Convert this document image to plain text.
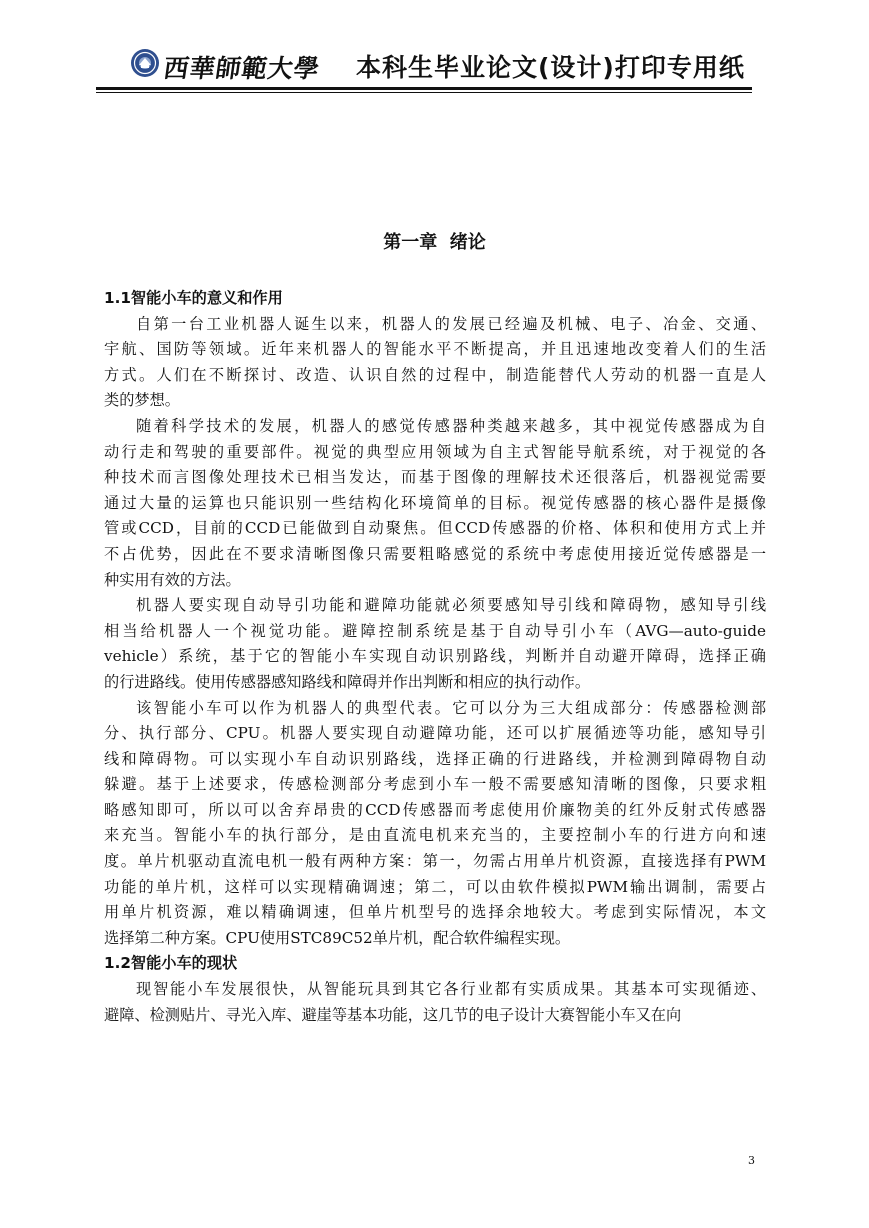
西華師範大學 本科生毕业论文(设计)打印专用纸
第一章  绪论
1.1智能小车的意义和作用
自第一台工业机器人诞生以来，机器人的发展已经遍及机械、电子、冶金、交通、
宇航、国防等领域。近年来机器人的智能水平不断提高，并且迅速地改变着人们的生活
方式。人们在不断探讨、改造、认识自然的过程中，制造能替代人劳动的机器一直是人
类的梦想。
随着科学技术的发展，机器人的感觉传感器种类越来越多，其中视觉传感器成为自
动行走和驾驶的重要部件。视觉的典型应用领域为自主式智能导航系统，对于视觉的各
种技术而言图像处理技术已相当发达，而基于图像的理解技术还很落后，机器视觉需要
通过大量的运算也只能识别一些结构化环境简单的目标。视觉传感器的核心器件是摄像
管或CCD，目前的CCD已能做到自动聚焦。但CCD传感器的价格、体积和使用方式上并
不占优势，因此在不要求清晰图像只需要粗略感觉的系统中考虑使用接近觉传感器是一
种实用有效的方法。
机器人要实现自动导引功能和避障功能就必须要感知导引线和障碍物，感知导引线
相当给机器人一个视觉功能。避障控制系统是基于自动导引小车（AVG—auto-guide
vehicle）系统，基于它的智能小车实现自动识别路线，判断并自动避开障碍，选择正确
的行进路线。使用传感器感知路线和障碍并作出判断和相应的执行动作。
该智能小车可以作为机器人的典型代表。它可以分为三大组成部分：传感器检测部
分、执行部分、CPU。机器人要实现自动避障功能，还可以扩展循迹等功能，感知导引
线和障碍物。可以实现小车自动识别路线，选择正确的行进路线，并检测到障碍物自动
躲避。基于上述要求，传感检测部分考虑到小车一般不需要感知清晰的图像，只要求粗
略感知即可，所以可以舍弃昂贵的CCD传感器而考虑使用价廉物美的红外反射式传感器
来充当。智能小车的执行部分，是由直流电机来充当的，主要控制小车的行进方向和速
度。单片机驱动直流电机一般有两种方案：第一，勿需占用单片机资源，直接选择有PWM
功能的单片机，这样可以实现精确调速；第二，可以由软件模拟PWM输出调制，需要占
用单片机资源，难以精确调速，但单片机型号的选择余地较大。考虑到实际情况，本文
选择第二种方案。CPU使用STC89C52单片机，配合软件编程实现。
1.2智能小车的现状
现智能小车发展很快，从智能玩具到其它各行业都有实质成果。其基本可实现循迹、
避障、检测贴片、寻光入库、避崖等基本功能，这几节的电子设计大赛智能小车又在向
3
